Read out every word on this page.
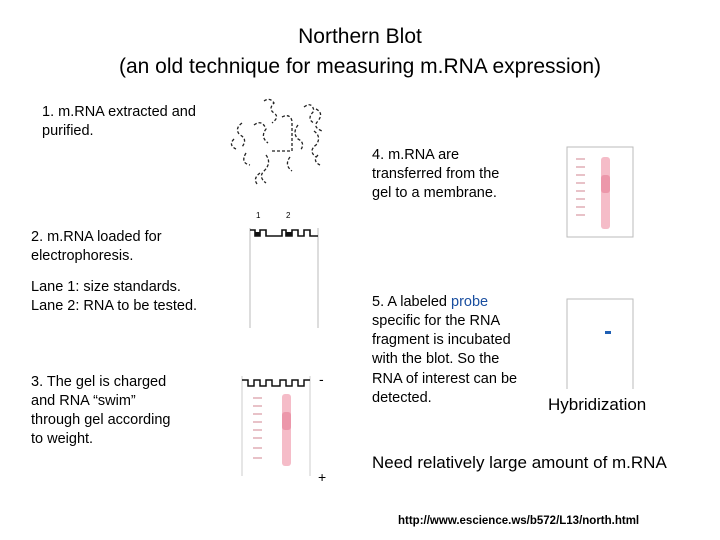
Northern Blot
(an old technique for measuring m.RNA expression)
1. m.RNA extracted and
purified.
2. m.RNA loaded for
electrophoresis.
Lane 1: size standards.
Lane 2: RNA to be tested.
3. The gel is charged
and RNA “swim”
through gel according
to weight.
4. m.RNA are
transferred from the
gel to a membrane.
5. A labeled probe
specific for the RNA
fragment is incubated
with the blot. So the
RNA of interest can be
detected.
1	2
-
+
Hybridization
Need relatively large amount of m.RNA
http://www.escience.ws/b572/L13/north.html
